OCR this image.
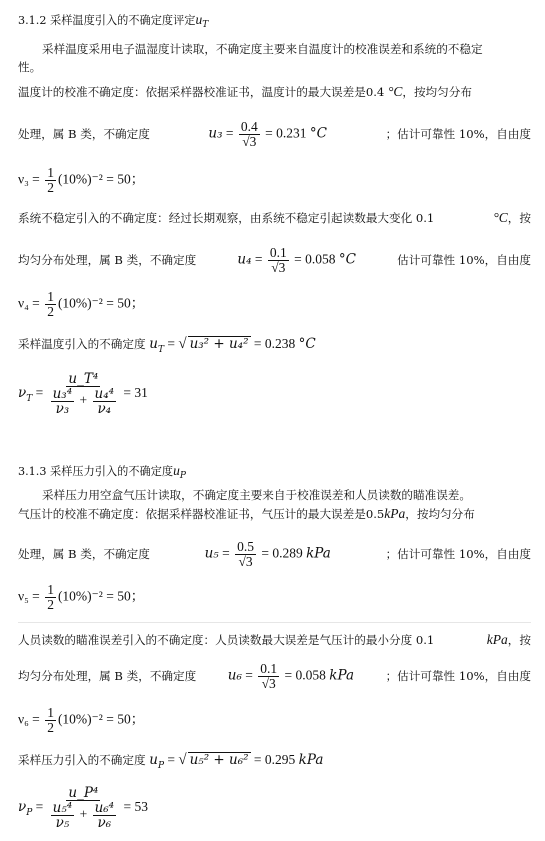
3.1.2 采样温度引入的不确定度评定$u_T$
采样温度采用电子温湿度计读取，不确定度主要来自温度计的校准误差和系统的不稳定
性。
温度计的校准不确定度：依据采样器校准证书，温度计的最大误差是0.4 °C，按均匀分布
处理，属 B 类，不确定度	$u_3 = \frac{0.4}{√3} = 0.231$ °C	；估计可靠性 10%，自由度
$\nu_3 = \frac{1}{2} (10\%)^{-2} = 50$；
系统不稳定引入的不确定度：经过长期观察，由系统不稳定引起读数最大变化 0.1	°C，按
均匀分布处理，属 B 类，不确定度	$u_4 = \frac{0.1}{√3} = 0.058$ °C	估计可靠性 10%，自由度
$\nu_4 = \frac{1}{2} (10\%)^{-2} = 50$；
采样温度引入的不确定度 $u_T$ = √ u₃² + u₄² = 0.238 °C
$\nu_T = \frac{\text{u\_T⁴}}{\frac{\text{u₃⁴}}{\text{ν₃}} + \frac{\text{u₄⁴}}{\text{ν₄}}} = 31$
3.1.3 采样压力引入的不确定度$u_P$
采样压力用空盒气压计读取，不确定度主要来自于校准误差和人员读数的瞄准误差。
气压计的校准不确定度：依据采样器校准证书，气压计的最大误差是0.5kPa，按均匀分布
处理，属 B 类，不确定度	$u_5 = \frac{0.5}{√3} = 0.289$ kPa	；估计可靠性 10%，自由度
$\nu_5 = \frac{1}{2} (10\%)^{-2} = 50$；
人员读数的瞄准误差引入的不确定度：人员读数最大误差是气压计的最小分度 0.1	kPa，按
均匀分布处理，属 B 类，不确定度 $u_6 = \frac{0.1}{√3} = 0.058$ kPa	；估计可靠性 10%，自由度
$\nu_6 = \frac{1}{2} (10\%)^{-2} = 50$；
采样压力引入的不确定度 $u_P$ = √ u₅² + u₆² = 0.295 kPa
$\nu_P = \frac{\text{u\_P⁴}}{\frac{\text{u₅⁴}}{\text{ν₅}} + \frac{\text{u₆⁴}}{\text{ν₆}}} = 53$
